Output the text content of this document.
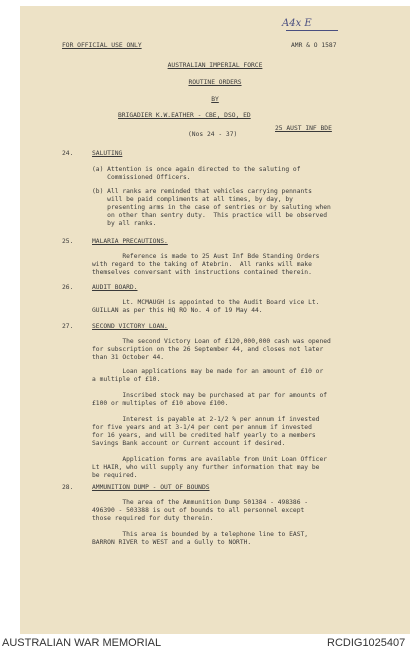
A4x E
FOR OFFICIAL USE ONLY	AMR & O 1587
AUSTRALIAN IMPERIAL FORCE
ROUTINE ORDERS
BY
BRIGADIER K.W.EATHER - CBE, DSO, ED
25 AUST INF BDE
(Nos 24 - 37)
24.	SALUTING
(a) Attention is once again directed to the saluting of
Commissioned Officers.
(b) All ranks are reminded that vehicles carrying pennants
will be paid compliments at all times, by day, by
presenting arms in the case of sentries or by saluting when
on other than sentry duty.  This practice will be observed
by all ranks.
25.	MALARIA PRECAUTIONS.
Reference is made to 25 Aust Inf Bde Standing Orders
with regard to the taking of Atebrin.  All ranks will make
themselves conversant with instructions contained therein.
26.	AUDIT BOARD.
Lt. MCMAUGH is appointed to the Audit Board vice Lt.
GUILLAN as per this HQ RO No. 4 of 19 May 44.
27.	SECOND VICTORY LOAN.
The second Victory Loan of £120,000,000 cash was opened
for subscription on the 26 September 44, and closes not later
than 31 October 44.
Loan applications may be made for an amount of £10 or
a multiple of £10.
Inscribed stock may be purchased at par for amounts of
£100 or multiples of £10 above £100.
Interest is payable at 2-1/2 % per annum if invested
for five years and at 3-1/4 per cent per annum if invested
for 16 years, and will be credited half yearly to a members
Savings Bank account or Current account if desired.
Application forms are available from Unit Loan Officer
Lt HAIR, who will supply any further information that may be
be required.
28.	AMMUNITION DUMP - OUT OF BOUNDS
The area of the Ammunition Dump 501384 - 498386 -
496390 - 503388 is out of bounds to all personnel except
those required for duty therein.
This area is bounded by a telephone line to EAST,
BARRON RIVER to WEST and a Gully to NORTH.
AUSTRALIAN WAR MEMORIAL	RCDIG1025407
